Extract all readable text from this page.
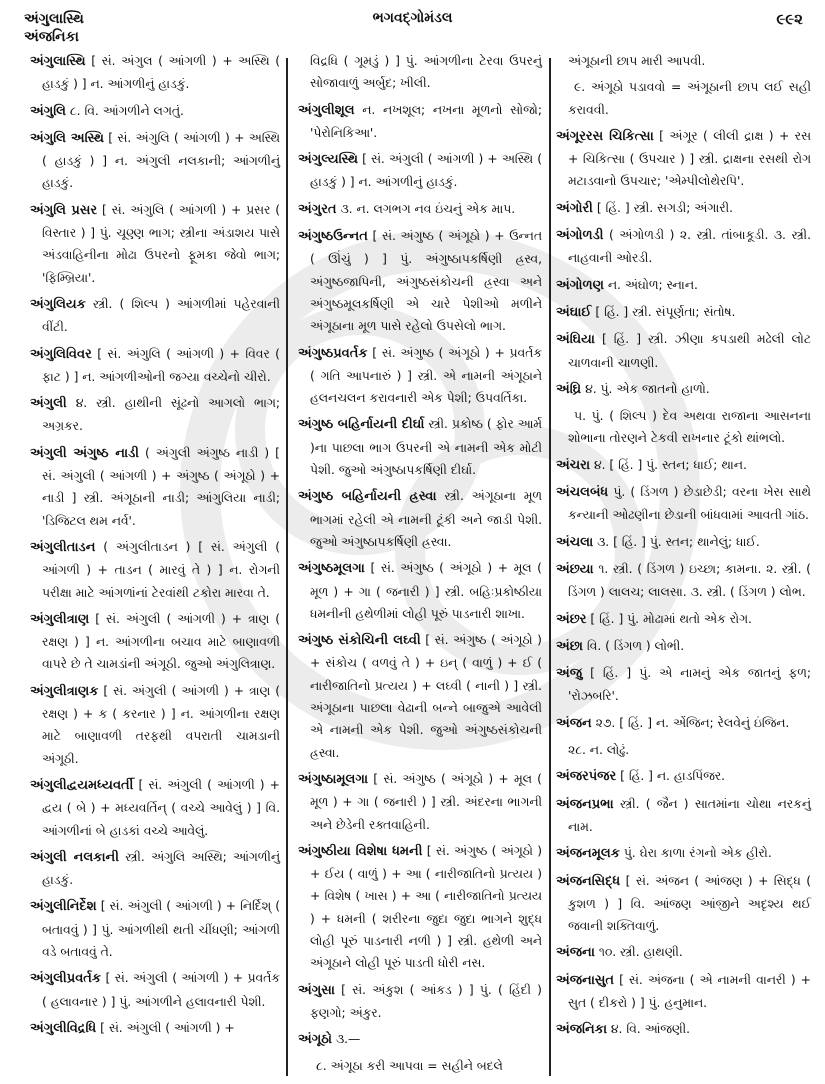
અંગુલાસ્થિ
અંજનિકા
ભગવદ્ગોમંડલ	૯૯૨
અંગુલાસ્થિ [ સં. અંગુલ ( આંગળી ) + અસ્થિ ( હાડકું ) ] ન. આંગળીનું હાડકું.
અંગુલિ ૮. વિ. આંગળીને લગતું.
અંગુલિ અસ્થિ [ સં. અંગુલિ ( આંગળી ) + અસ્થિ ( હાડકું ) ] ન. અંગુલી નલકાની; આંગળીનું હાડકું.
અંગુલિ પ્રસર [ સં. અંગુલિ ( આંગળી ) + પ્રસર ( વિસ્તાર ) ] પું. ચૂણ્ણ ભાગ; સ્ત્રીના અંડાશય પાસે અંડવાહિનીના મોઢા ઉપરનો ફૂમકા જેવો ભાગ; 'ફિમ્બ્રિયા'.
અંગુલિયક સ્ત્રી. ( શિલ્પ ) આંગળીમાં પહેરવાની વીંટી.
અંગુલિવિવર [ સં. અંગુલિ ( આંગળી ) + વિવર ( ફાટ ) ] ન. આંગળીઓની જગ્યા વચ્ચેનો ચીરો.
અંગુલી ૪. સ્ત્રી. હાથીની સૂંઢનો આગલો ભાગ; અગ્રકર.
અંગુલી અંગુષ્ઠ નાડી ( અંગુલી અંગુષ્ઠ નાડી ) [ સં. અંગુલી ( આંગળી ) + અંગુષ્ઠ ( અંગૂઠો ) + નાડી ] સ્ત્રી. અંગૂઠાની નાડી; આંગુલિયા નાડી; 'ડિજિટલ થમ નર્વ'.
અંગુલીતાડન ( અંગુલીતાડન ) [ સં. અંગુલી ( આંગળી ) + તાડન ( મારવું તે ) ] ન. રોગની પરીક્ષા માટે આંગળાંનાં ટેરવાંથી ટકોરા મારવા તે.
અંગુલીત્રાણ [ સં. અંગુલી ( આંગળી ) + ત્રાણ ( રક્ષણ ) ] ન. આંગળીના બચાવ માટે બાણાવળી વાપરે છે તે ચામડાંની અંગૂઠી. જુઓ અંગુલિત્રાણ.
અંગુલીત્રાણક [ સં. અંગુલી ( આંગળી ) + ત્રાણ ( રક્ષણ ) + ક ( કરનાર ) ] ન. આંગળીના રક્ષણ માટે બાણાવળી તરફથી વપરાતી ચામડાની અંગૂઠી.
અંગુલીદ્વયમધ્યવર્તી [ સં. અંગુલી ( આંગળી ) + દ્વય ( બે ) + મધ્યવર્તિન્ ( વચ્ચે આવેલું ) ] વિ. આંગળીનાં બે હાડકાં વચ્ચે આવેલું.
અંગુલી નલકાની સ્ત્રી. અંગુલિ અસ્થિ; આંગળીનું હાડકું.
અંગુલીનિર્દેશ [ સં. અંગુલી ( આંગળી ) + નિર્દિશ્ ( બતાવવું ) ] પું. આંગળીથી થતી ચીંધણી; આંગળી વડે બતાવવું તે.
અંગુલીપ્રવર્તક [ સં. અંગુલી ( આંગળી ) + પ્રવર્તક ( હલાવનાર ) ] પું. આંગળીને હલાવનારી પેશી.
અંગુલીવિદ્રધિ [ સં. અંગુલી ( આંગળી ) +
વિદ્રધિ ( ગૂમડું ) ] પું. આંગળીના ટેરવા ઉપરનું સોજાવાળું અર્બુદ; ખીલી.
અંગુલીશૂલ ન. નખશૂલ; નખના મૂળનો સોજો; 'પેરોનિકિઆ'.
અંગુલ્યસ્થિ [ સં. અંગુલી ( આંગળી ) + અસ્થિ ( હાડકું ) ] ન. આંગળીનું હાડકું.
અંગુરત ૩. ન. લગભગ નવ ઇંચનું એક માપ.
અંગુષ્ઠઉન્નત [ સં. અંગુષ્ઠ ( અંગૂઠો ) + ઉન્નત ( ઊંચું ) ] પું. અંગુષ્ઠાપકર્ષિણી હ્રસ્વ, અંગુષ્ઠજાપિની, અંગુષ્ઠસંકોચની હ્રસ્વા અને અંગુષ્ઠમૂલકર્ષિણી એ ચારે પેશીઓ મળીને અંગૂઠાના મૂળ પાસે રહેલો ઉપસેલો ભાગ.
અંગુષ્ઠપ્રવર્તક [ સં. અંગુષ્ઠ ( અંગૂઠો ) + પ્રવર્તક ( ગતિ આપનારું ) ] સ્ત્રી. એ નામની અંગૂઠાને હલનચલન કરાવનારી એક પેશી; ઉપવર્તિકા.
અંગુષ્ઠ બહિર્નાયની દીર્ઘા સ્ત્રી. પ્રકોષ્ઠ ( ફોર આર્મ )ના પાછલા ભાગ ઉપરની એ નામની એક મોટી પેશી. જુઓ અંગુષ્ઠાપકર્ષિણી દીર્ઘા.
અંગુષ્ઠ બહિર્નાયની હ્રસ્વા સ્ત્રી. અંગૂઠાના મૂળ ભાગમાં રહેલી એ નામની ટૂંકી અને જાડી પેશી. જુઓ અંગુષ્ઠાપકર્ષિણી હ્રસ્વા.
અંગુષ્ઠમૂલગા [ સં. અંગુષ્ઠ ( અંગૂઠો ) + મૂલ ( મૂળ ) + ગા ( જનારી ) ] સ્ત્રી. બહિઃપ્રકોષ્ઠીયા ધમનીની હથેળીમાં લોહી પૂરું પાડનારી શાખા.
અંગુષ્ઠ સંકોચિની લઘ્વી [ સં. અંગુષ્ઠ ( અંગૂઠો ) + સંકોચ ( વળવું તે ) + ઇન્ ( વાળું ) + ઈ ( નારીજાતિનો પ્રત્યય ) + લઘ્વી ( નાની ) ] સ્ત્રી. અંગૂઠાના પાછલા વેઢાની બન્ને બાજુએ આવેલી એ નામની એક પેશી. જુઓ અંગુષ્ઠસંકોચની હ્રસ્વા.
અંગુષ્ઠામૂલગા [ સં. અંગુષ્ઠ ( અંગૂઠો ) + મૂલ ( મૂળ ) + ગા ( જનારી ) ] સ્ત્રી. અંદરના ભાગની અને છેડેની રક્તવાહિની.
અંગુષ્ઠીયા વિશેષા ધમની [ સં. અંગુષ્ઠ ( અંગૂઠો ) + ઈય ( વાળું ) + આ ( નારીજાતિનો પ્રત્યય ) + વિશેષ ( ખાસ ) + આ ( નારીજાતિનો પ્રત્યય ) + ધમની ( શરીરના જુદા જુદા ભાગને શુદ્ધ લોહી પૂરું પાડનારી નળી ) ] સ્ત્રી. હથેળી અને અંગૂઠાને લોહી પૂરું પાડતી ધોરી નસ.
અંગુસા [ સં. અંકુશ ( આંકડ ) ] પું. ( હિંદી ) ફણગો; અંકુર.
અંગૂઠો ૩.—
૮. અંગૂઠા કરી આપવા = સહીને બદલે
અંગૂઠાની છાપ મારી આપવી.
૯. અંગૂઠો પડાવવો = અંગૂઠાની છાપ લઈ સહી કરાવવી.
અંગૂરરસ ચિકિત્સા [ અંગૂર ( લીલી દ્રાક્ષ ) + રસ + ચિકિત્સા ( ઉપચાર ) ] સ્ત્રી. દ્રાક્ષના રસથી રોગ મટાડવાનો ઉપચાર; 'એમ્પીલોથેરપિ'.
અંગોરી [ હિં. ] સ્ત્રી. સગડી; અંગારી.
અંગોળડી ( અંગોળડી ) ૨. સ્ત્રી. તાંબાકૂડી. ૩. સ્ત્રી. નાહવાની ઓરડી.
અંગોળણ ન. અંઘોળ; સ્નાન.
અંઘાઈ [ હિં. ] સ્ત્રી. સંપૂર્ણતા; સંતોષ.
અંઘિયા [ હિં. ] સ્ત્રી. ઝીણા કપડાથી મઢેલી લોટ ચાળવાની ચાળણી.
અંઘ્રિ ૪. પું. એક જાતનો હાળો.
૫. પું. ( શિલ્પ ) દેવ અથવા રાજાના આસનના શોભાના તોરણને ટેકવી રાખનાર ટૂંકો થાંભલો.
અંચરા ૪. [ હિં. ] પું. સ્તન; ધાઈ; થાન.
અંચલબંધ પું. ( ડિંગળ ) છેડાછેડી; વરના ખેસ સાથે કન્યાની ઓઢણીના છેડાની બાંધવામાં આવતી ગાંઠ.
અંચલા ૩. [ હિં. ] પું. સ્તન; થાનેલું; ધાઈ.
અંછયા ૧. સ્ત્રી. ( ડિંગળ ) ઇચ્છા; કામના. ૨. સ્ત્રી. ( ડિંગળ ) લાલચ; લાલસા. ૩. સ્ત્રી. ( ડિંગળ ) લોભ.
અંછર [ હિં. ] પું. મોઢામાં થતો એક રોગ.
અંછા વિ. ( ડિંગળ ) લોભી.
અંજુ [ હિં. ] પું. એ નામનું એક જાતનું ફળ; 'રોઝબરિ'.
અંજન ૨૭. [ હિં. ] ન. એંજિન; રેલવેનું ઇંજિન.
૨૮. ન. લોઢું.
અંજરપંજર [ હિં. ] ન. હાડપિંજર.
અંજનપ્રભા સ્ત્રી. ( જૈન ) સાતમાંના ચોથા નરકનું નામ.
અંજનમૂલક પું. ઘેરા કાળા રંગનો એક હીરો.
અંજનસિદ્ધ [ સં. અંજન ( આંજણ ) + સિદ્ધ ( કુશળ ) ] વિ. આંજણ આંજીને અદૃશ્ય થઈ જવાની શક્તિવાળું.
અંજના ૧૦. સ્ત્રી. હાથણી.
અંજનાસુત [ સં. અંજના ( એ નામની વાનરી ) + સુત ( દીકરો ) ] પું. હનુમાન.
અંજનિકા ૪. વિ. આંજણી.
